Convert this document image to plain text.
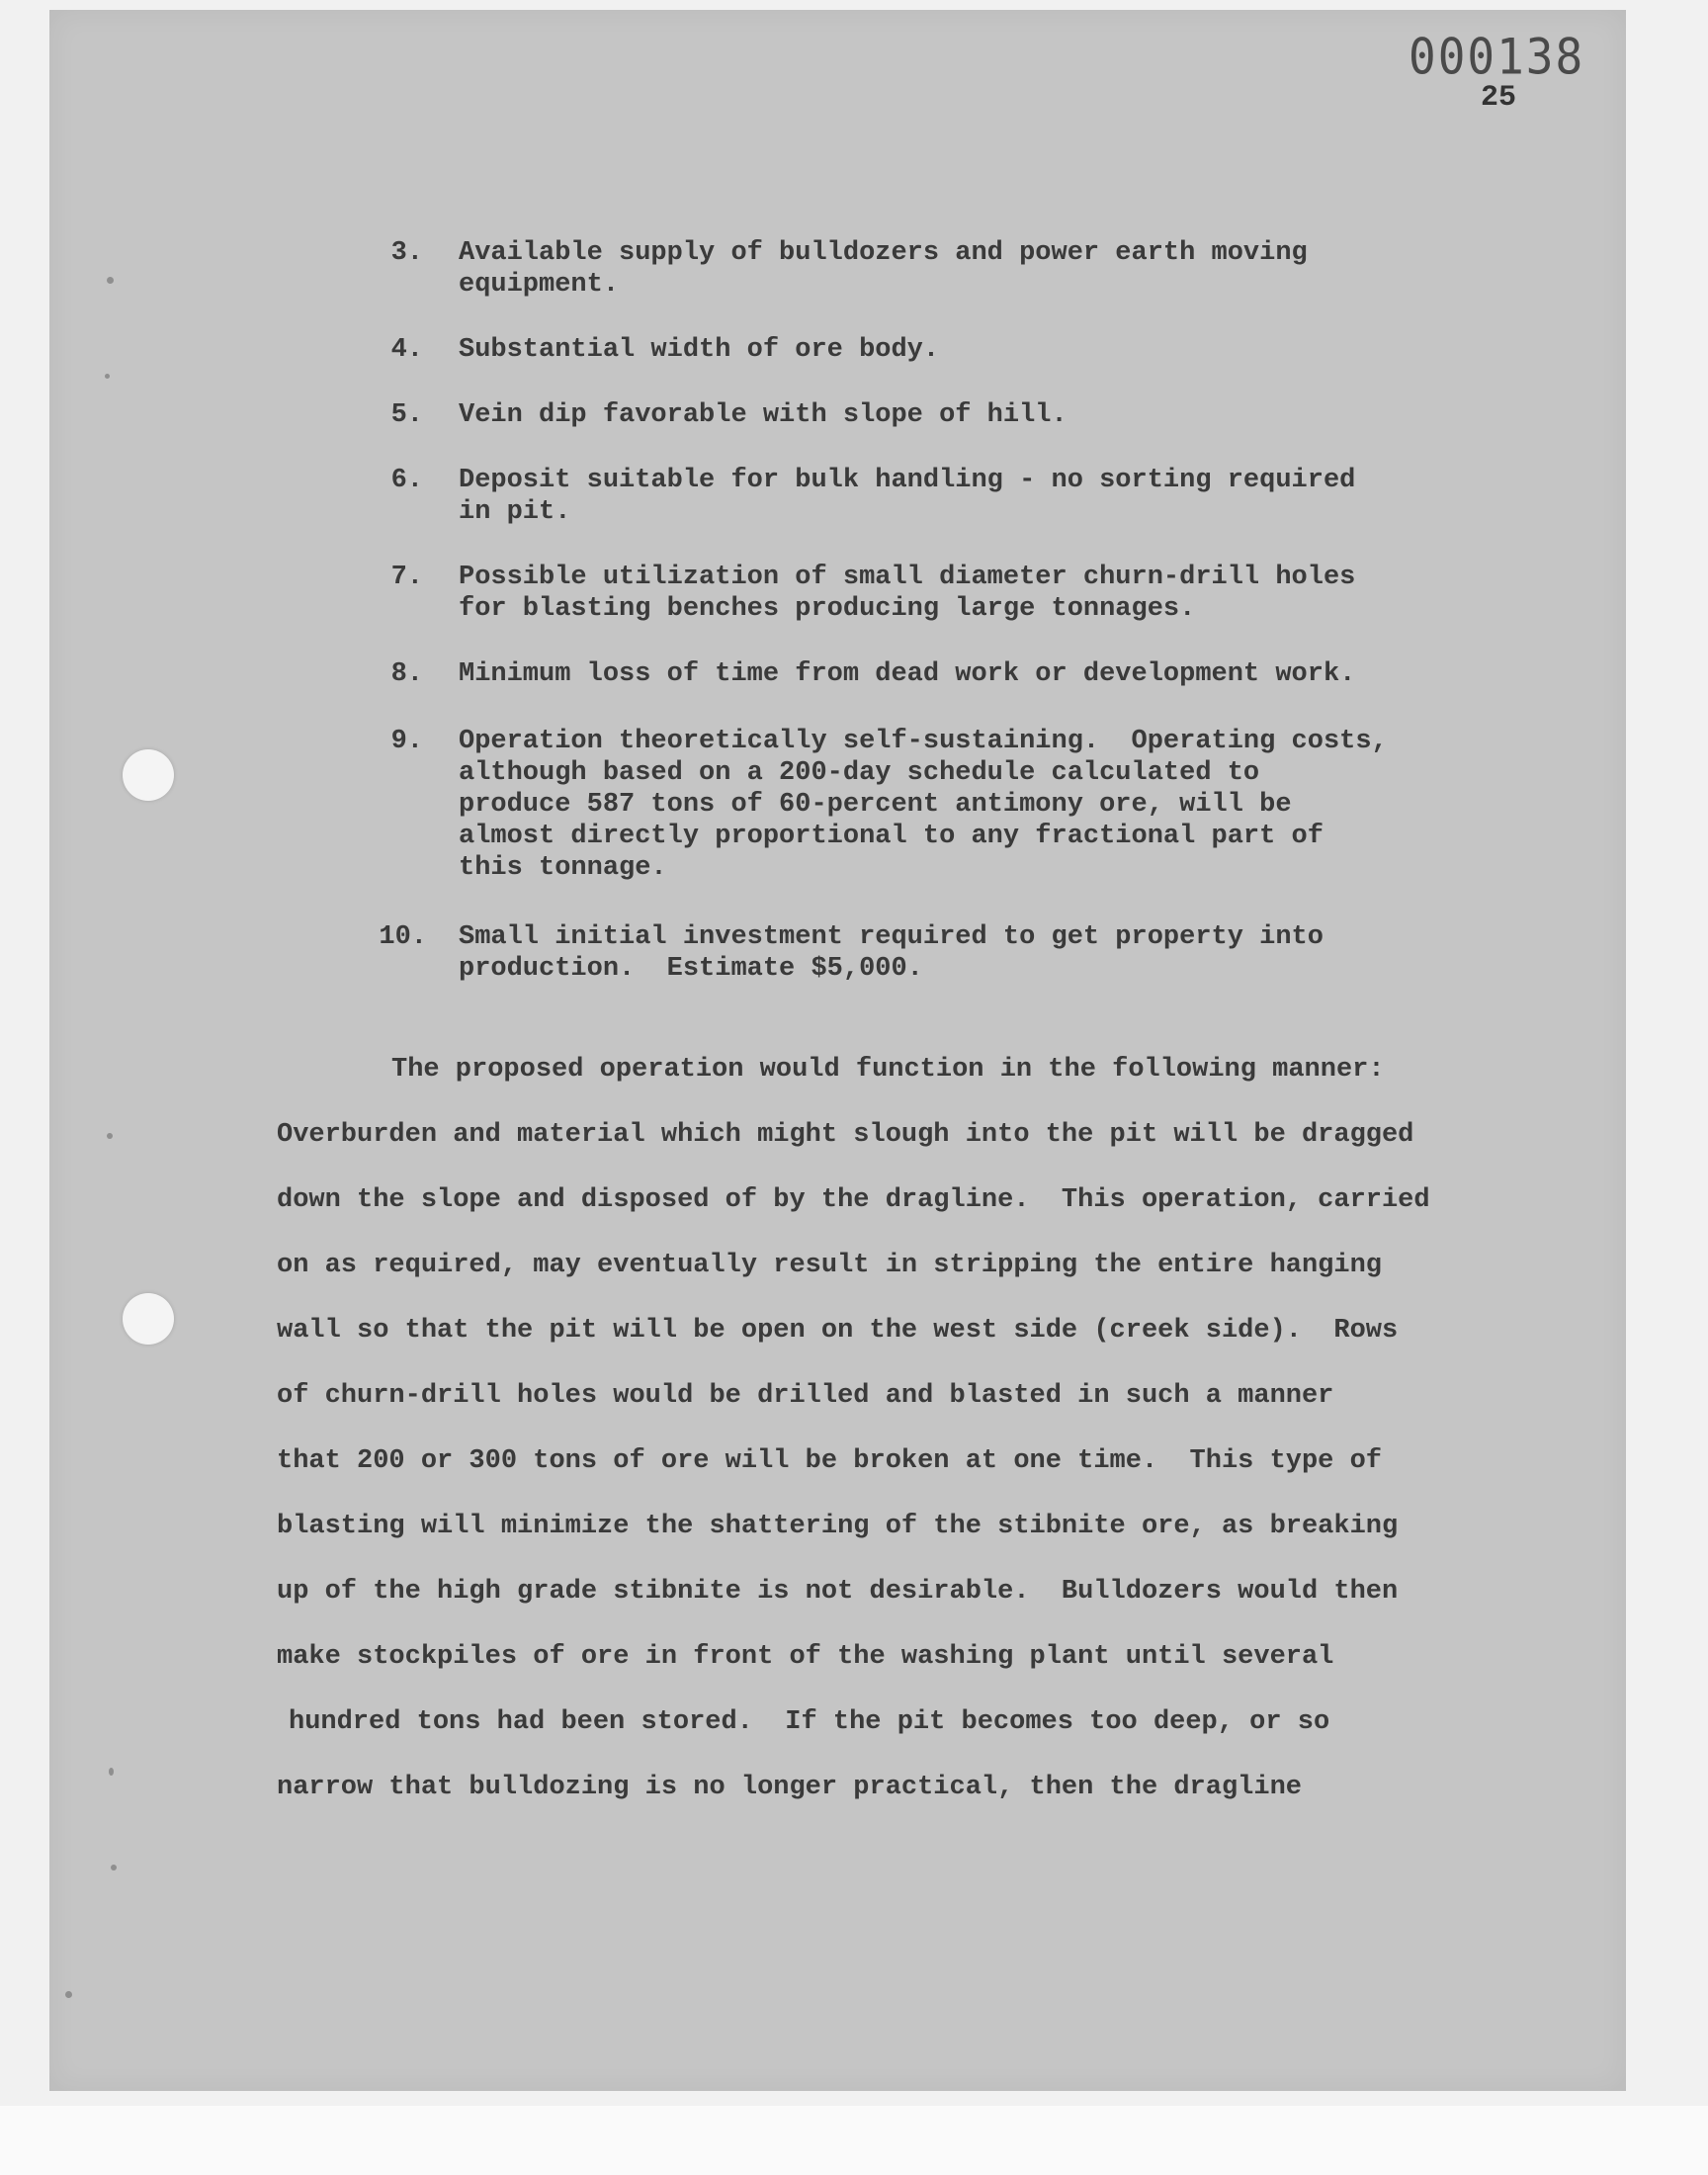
000138
25
3. Available supply of bulldozers and power earth moving
equipment.
4. Substantial width of ore body.
5. Vein dip favorable with slope of hill.
6. Deposit suitable for bulk handling - no sorting required
in pit.
7. Possible utilization of small diameter churn-drill holes
for blasting benches producing large tonnages.
8. Minimum loss of time from dead work or development work.
9. Operation theoretically self-sustaining.  Operating costs,
although based on a 200-day schedule calculated to
produce 587 tons of 60-percent antimony ore, will be
almost directly proportional to any fractional part of
this tonnage.
10. Small initial investment required to get property into
production.  Estimate $5,000.
The proposed operation would function in the following manner:
Overburden and material which might slough into the pit will be dragged
down the slope and disposed of by the dragline.  This operation, carried
on as required, may eventually result in stripping the entire hanging
wall so that the pit will be open on the west side (creek side).  Rows
of churn-drill holes would be drilled and blasted in such a manner
that 200 or 300 tons of ore will be broken at one time.  This type of
blasting will minimize the shattering of the stibnite ore, as breaking
up of the high grade stibnite is not desirable.  Bulldozers would then
make stockpiles of ore in front of the washing plant until several
hundred tons had been stored.  If the pit becomes too deep, or so
narrow that bulldozing is no longer practical, then the dragline
